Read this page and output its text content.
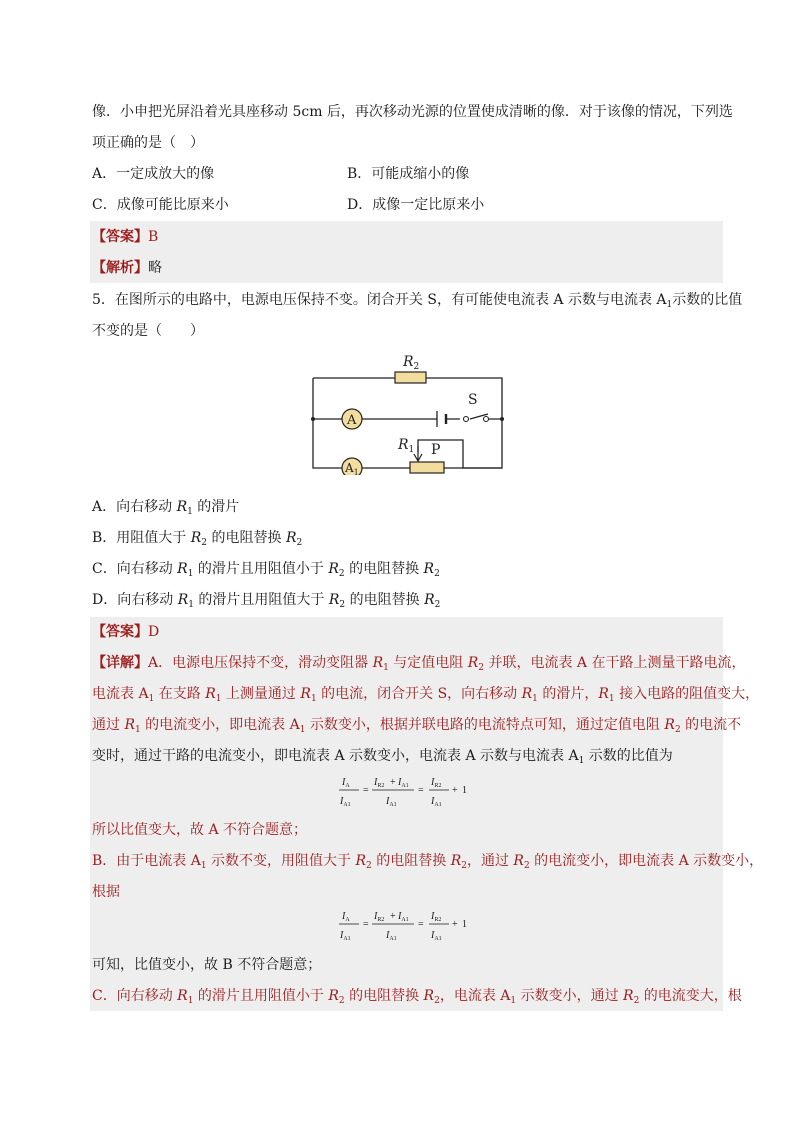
像．小申把光屏沿着光具座移动 5cm 后，再次移动光源的位置使成清晰的像．对于该像的情况，下列选
项正确的是（　）
A．一定成放大的像	B．可能成缩小的像
C．成像可能比原来小	D．成像一定比原来小
【答案】B
【解析】略
5．在图所示的电路中，电源电压保持不变。闭合开关 S，有可能使电流表 A 示数与电流表 $A_1$示数的比值
不变的是（　　）
A
$A_1$
$R_2$
$R_1$
S
P
A．向右移动 $R_1$ 的滑片
B．用阻值大于 $R_2$ 的电阻替换 $R_2$
C．向右移动 $R_1$ 的滑片且用阻值小于 $R_2$ 的电阻替换 $R_2$
D．向右移动 $R_1$ 的滑片且用阻值大于 $R_2$ 的电阻替换 $R_2$
【答案】D
【详解】A．电源电压保持不变，滑动变阻器 $R_1$ 与定值电阻 $R_2$ 并联，电流表 A 在干路上测量干路电流，
电流表 $A_1$ 在支路 $R_1$ 上测量通过 $R_1$ 的电流，闭合开关 S，向右移动 $R_1$ 的滑片，$R_1$ 接入电路的阻值变大，
通过 $R_1$ 的电流变小，即电流表 $A_1$ 示数变小，根据并联电路的电流特点可知，通过定值电阻 $R_2$ 的电流不
变时，通过干路的电流变小，即电流表 A 示数变小，电流表 A 示数与电流表 $A_1$ 示数的比值为
$I_A$
$I_{A1}$
=
$I_{R2} + I_{A1}$
$I_{A1}$
=
$I_{R2}$
$I_{A1}$
+ 1
所以比值变大，故 A 不符合题意；
B．由于电流表 $A_1$ 示数不变，用阻值大于 $R_2$ 的电阻替换 $R_2$，通过 $R_2$ 的电流变小，即电流表 A 示数变小，
根据
$I_A$
$I_{A1}$
=
$I_{R2} + I_{A1}$
$I_{A1}$
=
$I_{R2}$
$I_{A1}$
+ 1
可知，比值变小，故 B 不符合题意；
C．向右移动 $R_1$ 的滑片且用阻值小于 $R_2$ 的电阻替换 $R_2$，电流表 $A_1$ 示数变小，通过 $R_2$ 的电流变大，根
